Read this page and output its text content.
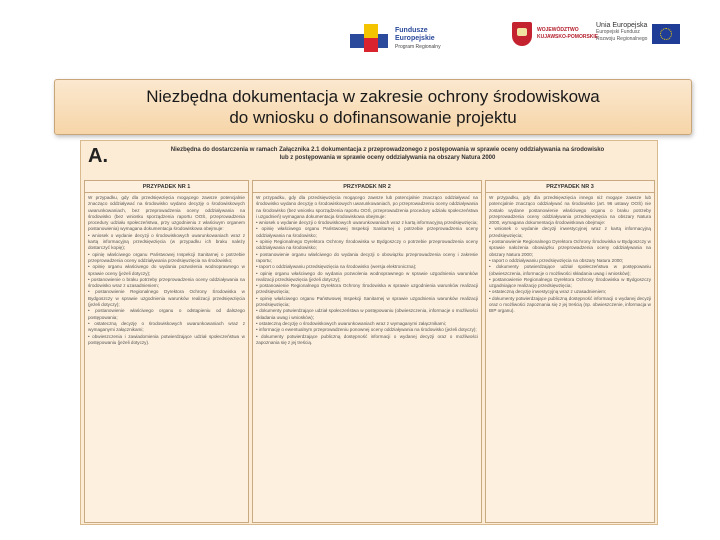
Fundusze
Europejskie
Program Regionalny
WOJEWÓDZTWO
KUJAWSKO-POMORSKIE
Unia Europejska
Europejski Fundusz
Rozwoju Regionalnego
Niezbędna dokumentacja w zakresie ochrony środowiskowa
do wniosku o dofinansowanie projektu
A.	Niezbędna do dostarczenia w ramach Załącznika 2.1 dokumentacja z przeprowadzonego z postępowania w sprawie oceny oddziaływania na środowisko
lub z postępowania w sprawie oceny oddziaływania na obszary Natura 2000
PRZYPADEK NR 1

W przypadku, gdy dla przedsięwzięcia mogącego zawsze potencjalnie znacząco oddziaływać na środowisko wydano decyzję o środowiskowych uwarunkowaniach, bez przeprowadzenia oceny oddziaływania na środowisko (bez wniosku sporządzenia raportu OOŚ, przeprowadzenia procedury udziału społeczeństwa, przy uzgodnieniu z właściwym organem postanowienia) wymagana dokumentacja środowiskowa obejmuje:

• wniosek o wydanie decyzji o środowiskowych uwarunkowaniach wraz z kartą informacyjną przedsięwzięcia (w przypadku ich braku należy dostarczyć kopię);

• opinię właściwego organu Państwowej Inspekcji Sanitarnej o potrzebie przeprowadzenia oceny oddziaływania przedsięwzięcia na środowisko;

• opinię organu właściwego do wydania pozwolenia wodnoprawnego w sprawie oceny (jeżeli dotyczy);

• postanowienie o braku potrzeby przeprowadzenia oceny oddziaływania na środowisko wraz z uzasadnieniem;

• postanowienie Regionalnego Dyrektora Ochrony Środowiska w Bydgoszczy w sprawie uzgodnienia warunków realizacji przedsięwzięcia (jeżeli dotyczy);

• postanowienie właściwego organu o odstąpieniu od dalszego postępowania;

• ostateczną decyzję o środowiskowych uwarunkowaniach wraz z wymaganymi załącznikami;

• obwieszczenia i zawiadomienia potwierdzające udział społeczeństwa w postępowaniu (jeżeli dotyczy).

PRZYPADEK NR 2

W przypadku, gdy dla przedsięwzięcia mogącego zawsze lub potencjalnie znacząco oddziaływać na środowisko wydano decyzję o środowiskowych uwarunkowaniach, po przeprowadzeniu oceny oddziaływania na środowisko (bez wniosku sporządzenia raportu OOŚ, przeprowadzenia procedury udziału społeczeństwa i uzgodnień) wymagana dokumentacja środowiskowa obejmuje:

• wniosek o wydanie decyzji o środowiskowych uwarunkowaniach wraz z kartą informacyjną przedsięwzięcia;

• opinię właściwego organu Państwowej Inspekcji Sanitarnej o potrzebie przeprowadzenia oceny oddziaływania na środowisko;

• opinię Regionalnego Dyrektora Ochrony Środowiska w Bydgoszczy o potrzebie przeprowadzenia oceny oddziaływania na środowisko;

• postanowienie organu właściwego do wydania decyzji o obowiązku przeprowadzenia oceny i zakresie raportu;

• raport o oddziaływaniu przedsięwzięcia na środowisko (wersja elektroniczna);

• opinię organu właściwego do wydania pozwolenia wodnoprawnego w sprawie uzgodnienia warunków realizacji przedsięwzięcia (jeżeli dotyczy);

• postanowienie Regionalnego Dyrektora Ochrony Środowiska w sprawie uzgodnienia warunków realizacji przedsięwzięcia;

• opinię właściwego organu Państwowej Inspekcji Sanitarnej w sprawie uzgodnienia warunków realizacji przedsięwzięcia;

• dokumenty potwierdzające udział społeczeństwa w postępowaniu (obwieszczenia, informacje o możliwości składania uwag i wniosków);

• ostateczną decyzję o środowiskowych uwarunkowaniach wraz z wymaganymi załącznikami;

• informację o ewentualnym przeprowadzeniu ponownej oceny oddziaływania na środowisko (jeżeli dotyczy);

• dokumenty potwierdzające publiczną dostępność informacji o wydanej decyzji oraz o możliwości zapoznania się z jej treścią.

PRZYPADEK NR 3

W przypadku, gdy dla przedsięwzięcia innego niż mogące zawsze lub potencjalnie znacząco oddziaływać na środowisko (art. 96 ustawy OOŚ) nie zostało wydane postanowienie właściwego organu o braku potrzeby przeprowadzenia oceny oddziaływania przedsięwzięcia na obszary Natura 2000, wymagana dokumentacja środowiskowa obejmuje:

• wniosek o wydanie decyzji inwestycyjnej wraz z kartą informacyjną przedsięwzięcia;

• postanowienie Regionalnego Dyrektora Ochrony Środowiska w Bydgoszczy w sprawie nałożenia obowiązku przeprowadzenia oceny oddziaływania na obszary Natura 2000;

• raport o oddziaływaniu przedsięwzięcia na obszary Natura 2000;

• dokumenty potwierdzające udział społeczeństwa w postępowaniu (obwieszczenia, informacje o możliwości składania uwag i wniosków);

• postanowienie Regionalnego Dyrektora Ochrony Środowiska w Bydgoszczy uzgadniające realizację przedsięwzięcia;

• ostateczną decyzję inwestycyjną wraz z uzasadnieniem;

• dokumenty potwierdzające publiczną dostępność informacji o wydanej decyzji oraz o możliwości zapoznania się z jej treścią (np. obwieszczenie, informacja w BIP organu).
